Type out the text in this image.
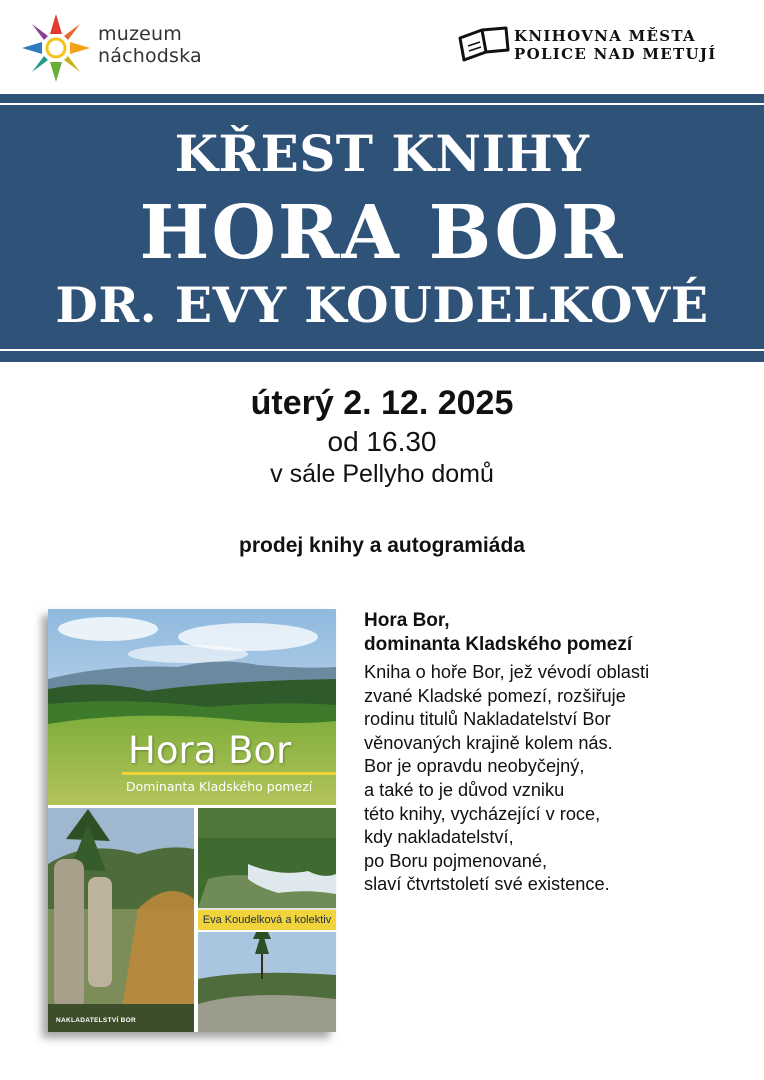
muzeum
náchodska
KNIHOVNA MĚSTA
POLICE NAD METUJÍ
KŘEST KNIHY
HORA BOR
DR. EVY KOUDELKOVÉ
úterý 2. 12. 2025
od 16.30
v sále Pellyho domů
prodej knihy a autogramiáda
Hora Bor
Dominanta Kladského pomezí
Eva Koudelková a kolektiv
NAKLADATELSTVÍ BOR
Hora Bor,
dominanta Kladského pomezí
Kniha o hoře Bor, jež vévodí oblasti
zvané Kladské pomezí, rozšiřuje
rodinu titulů Nakladatelství Bor
věnovaných krajině kolem nás.
Bor je opravdu neobyčejný,
a také to je důvod vzniku
této knihy, vycházející v roce,
kdy nakladatelství,
po Boru pojmenované,
slaví čtvrtstoletí své existence.
